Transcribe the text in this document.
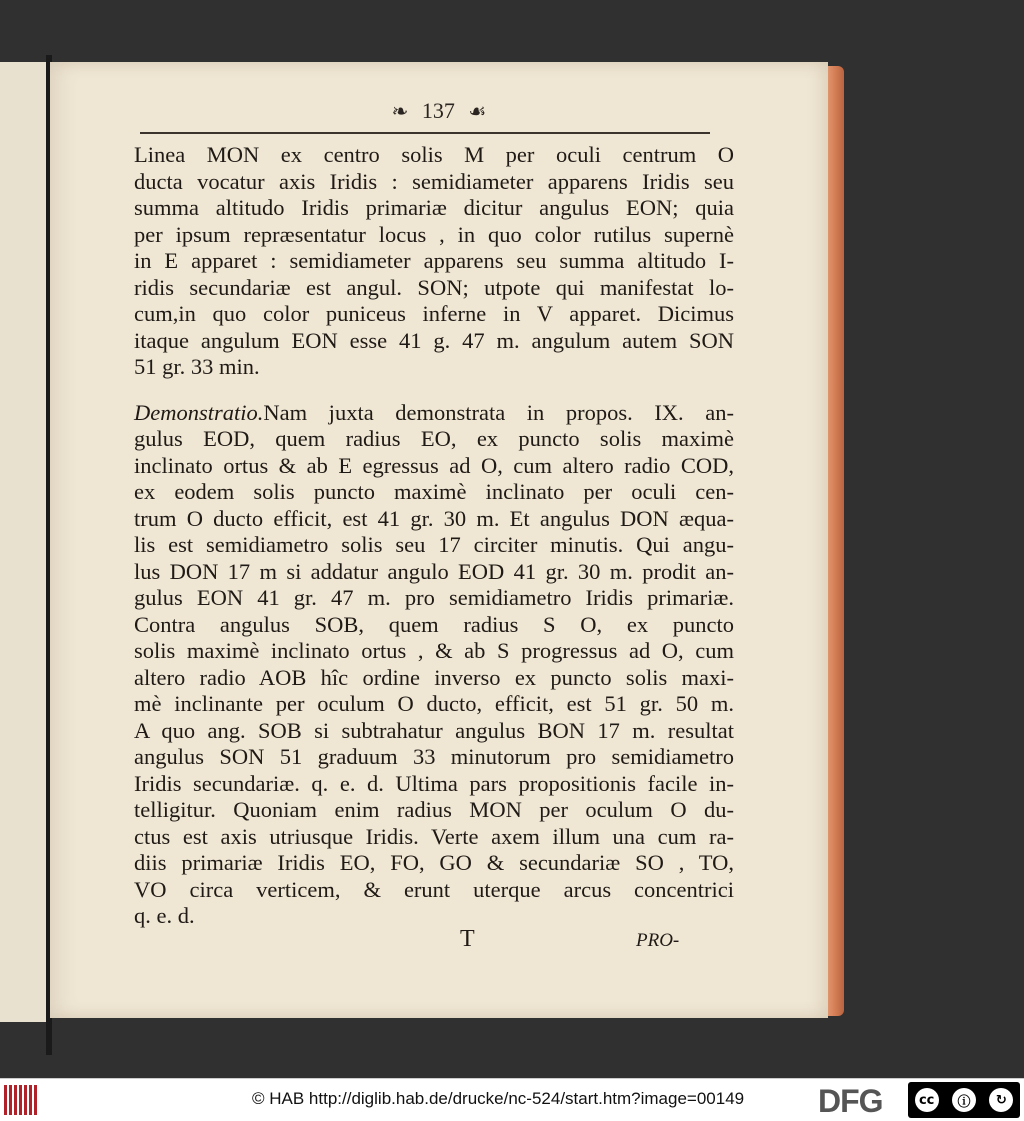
❧ 137 ☙
Linea MON ex centro solis M per oculi centrum O
ducta vocatur axis Iridis : semidiameter apparens Iridis seu
summa altitudo Iridis primariæ dicitur angulus EON; quia
per ipsum repræsentatur locus , in quo color rutilus supernè
in E apparet : semidiameter apparens seu summa altitudo I-
ridis secundariæ est angul. SON; utpote qui manifestat lo-
cum,in quo color puniceus inferne in V apparet. Dicimus
itaque angulum EON esse 41 g. 47 m. angulum autem SON
51 gr. 33 min.
Demonstratio.Nam juxta demonstrata in propos. IX. an-
gulus EOD, quem radius EO, ex puncto solis maximè
inclinato ortus & ab E egressus ad O, cum altero radio COD,
ex eodem solis puncto maximè inclinato per oculi cen-
trum O ducto efficit, est 41 gr. 30 m. Et angulus DON æqua-
lis est semidiametro solis seu 17 circiter minutis. Qui angu-
lus DON 17 m si addatur angulo EOD 41 gr. 30 m. prodit an-
gulus EON 41 gr. 47 m. pro semidiametro Iridis primariæ.
Contra angulus SOB, quem radius S O, ex puncto
solis maximè inclinato ortus , & ab S progressus ad O, cum
altero radio AOB hîc ordine inverso ex puncto solis maxi-
mè inclinante per oculum O ducto, efficit, est 51 gr. 50 m.
A quo ang. SOB si subtrahatur angulus BON 17 m. resultat
angulus SON 51 graduum 33 minutorum pro semidiametro
Iridis secundariæ. q. e. d. Ultima pars propositionis facile in-
telligitur. Quoniam enim radius MON per oculum O du-
ctus est axis utriusque Iridis. Verte axem illum una cum ra-
diis primariæ Iridis EO, FO, GO & secundariæ SO , TO,
VO circa verticem, & erunt uterque arcus concentrici
q. e. d.
T	PRO-
© HAB http://diglib.hab.de/drucke/nc-524/start.htm?image=00149 DFG	cc	ⓘ	↻
